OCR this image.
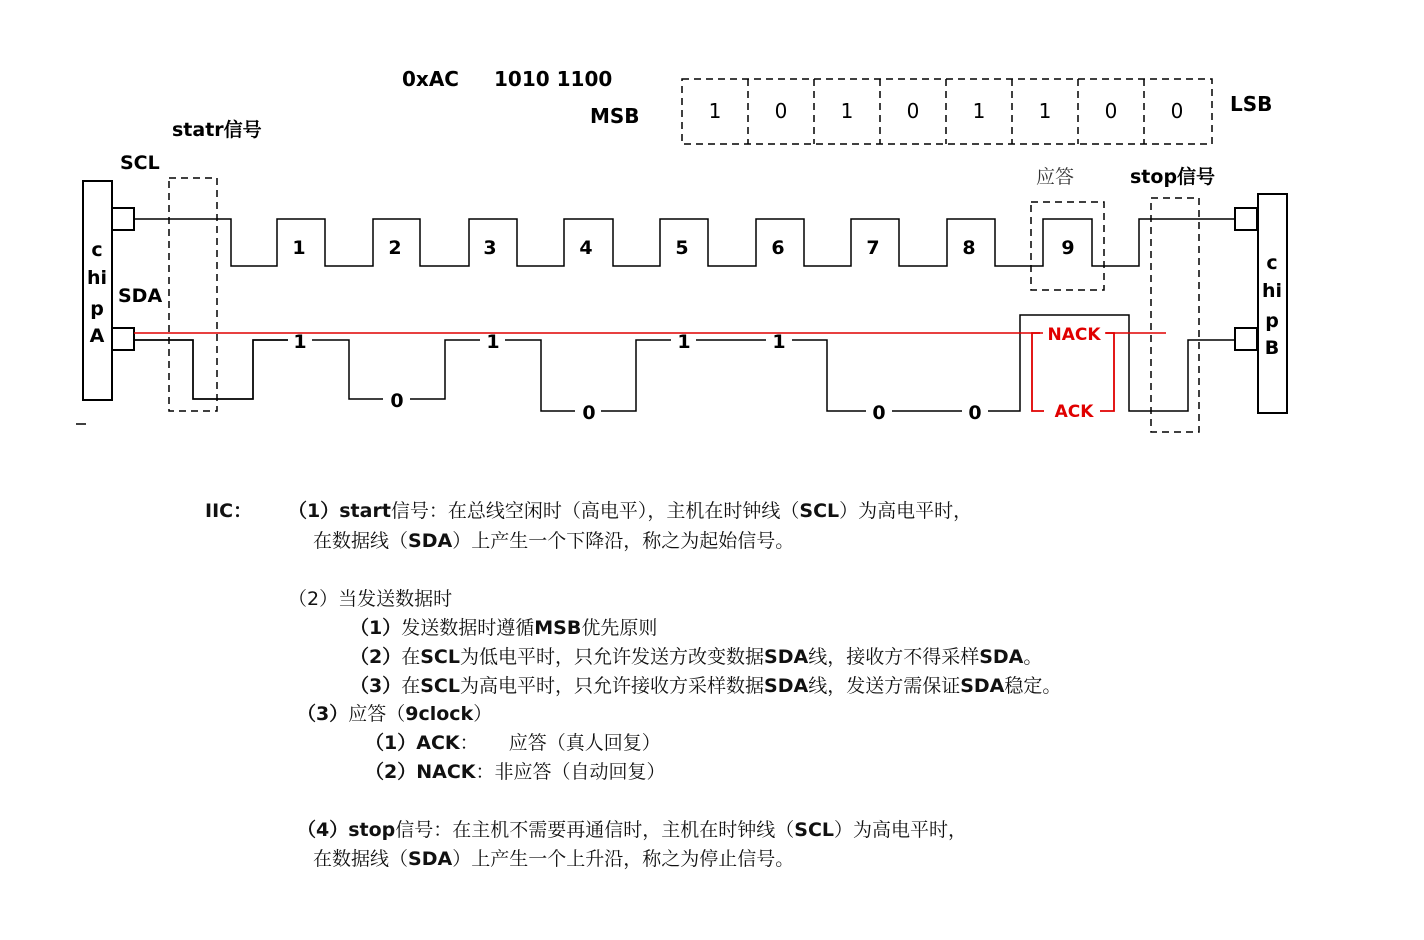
0xAC 1010 1100
MSB	LSB
1	0	1	0	1	1	0	0
statr信号
SCL
SDA
应答	stop信号
c
hi
p
A
c
hi
p
B
1	2	3	4	5	6	7	8	9
1
0
1
0
1	1
0	0
NACK
ACK
IIC： （1）start信号：在总线空闲时（高电平），主机在时钟线（SCL）为高电平时，
在数据线（SDA）上产生一个下降沿，称之为起始信号。
（2）当发送数据时
（1）发送数据时遵循MSB优先原则
（2）在SCL为低电平时，只允许发送方改变数据SDA线，接收方不得采样SDA。
（3）在SCL为高电平时，只允许接收方采样数据SDA线，发送方需保证SDA稳定。
（3）应答（9clock）
（1）ACK：     应答（真人回复）
（2）NACK：非应答（自动回复）
（4）stop信号：在主机不需要再通信时，主机在时钟线（SCL）为高电平时，
在数据线（SDA）上产生一个上升沿，称之为停止信号。
